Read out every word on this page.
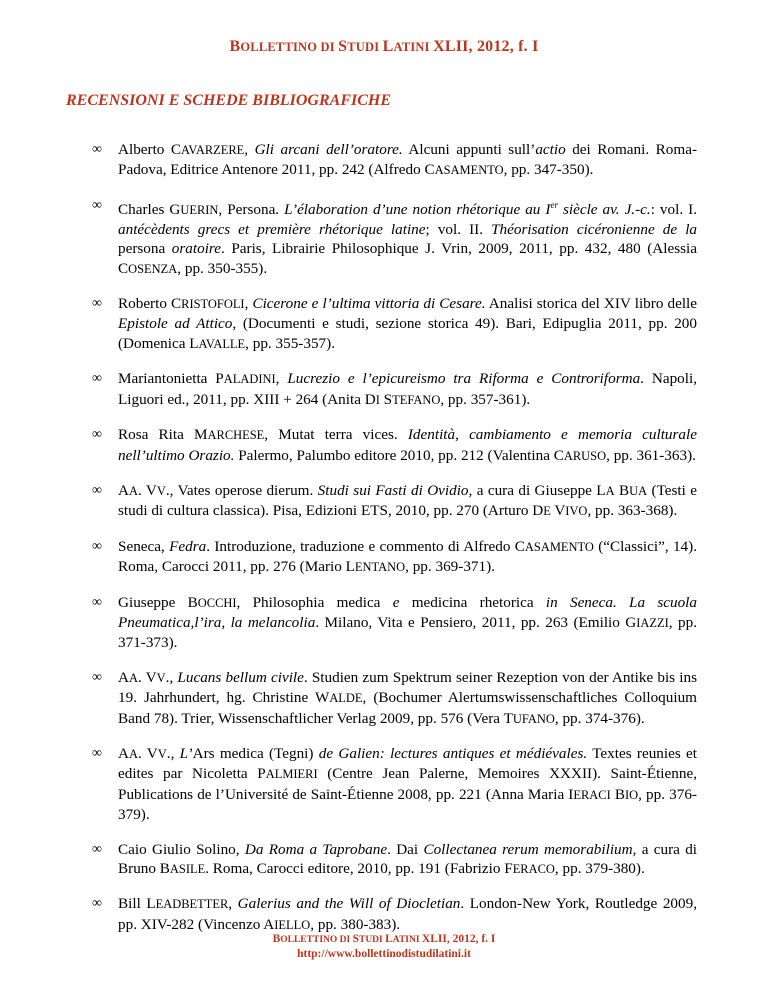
BOLLETTINO DI STUDI LATINI XLII, 2012, f. I
RECENSIONI E SCHEDE BIBLIOGRAFICHE
∞ Alberto CAVARZERE, Gli arcani dell’oratore. Alcuni appunti sull’actio dei Romani. Roma-Padova, Editrice Antenore 2011, pp. 242 (Alfredo CASAMENTO, pp. 347-350).
∞ Charles GUERIN, Persona. L’élaboration d’une notion rhétorique au Ier siècle av. J.-c.: vol. I. antécèdents grecs et première rhétorique latine; vol. II. Théorisation cicéronienne de la persona oratoire. Paris, Librairie Philosophique J. Vrin, 2009, 2011, pp. 432, 480 (Alessia COSENZA, pp. 350-355).
∞ Roberto CRISTOFOLI, Cicerone e l’ultima vittoria di Cesare. Analisi storica del XIV libro delle Epistole ad Attico, (Documenti e studi, sezione storica 49). Bari, Edipuglia 2011, pp. 200 (Domenica LAVALLE, pp. 355-357).
∞ Mariantonietta PALADINI, Lucrezio e l’epicureismo tra Riforma e Controriforma. Napoli, Liguori ed., 2011, pp. XIII + 264 (Anita DI STEFANO, pp. 357-361).
∞ Rosa Rita MARCHESE, Mutat terra vices. Identità, cambiamento e memoria culturale nell’ultimo Orazio. Palermo, Palumbo editore 2010, pp. 212 (Valentina CARUSO, pp. 361-363).
∞ AA. VV., Vates operose dierum. Studi sui Fasti di Ovidio, a cura di Giuseppe LA BUA (Testi e studi di cultura classica). Pisa, Edizioni ETS, 2010, pp. 270 (Arturo DE VIVO, pp. 363-368).
∞ Seneca, Fedra. Introduzione, traduzione e commento di Alfredo CASAMENTO (“Classici”, 14). Roma, Carocci 2011, pp. 276 (Mario LENTANO, pp. 369-371).
∞ Giuseppe BOCCHI, Philosophia medica e medicina rhetorica in Seneca. La scuola Pneumatica,l’ira, la melancolia. Milano, Vita e Pensiero, 2011, pp. 263 (Emilio GIAZZI, pp. 371-373).
∞ AA. VV., Lucans bellum civile. Studien zum Spektrum seiner Rezeption von der Antike bis ins 19. Jahrhundert, hg. Christine WALDE, (Bochumer Alertumswissenschaftliches Colloquium Band 78). Trier, Wissenschaftlicher Verlag 2009, pp. 576 (Vera TUFANO, pp. 374-376).
∞ AA. VV., L’Ars medica (Tegni) de Galien: lectures antiques et médiévales. Textes reunies et edites par Nicoletta PALMIERI (Centre Jean Palerne, Memoires XXXII). Saint-Étienne, Publications de l’Université de Saint-Étienne 2008, pp. 221 (Anna Maria IERACI BIO, pp. 376-379).
∞ Caio Giulio Solino, Da Roma a Taprobane. Dai Collectanea rerum memorabilium, a cura di Bruno BASILE. Roma, Carocci editore, 2010, pp. 191 (Fabrizio FERACO, pp. 379-380).
∞ Bill LEADBETTER, Galerius and the Will of Diocletian. London-New York, Routledge 2009, pp. XIV-282 (Vincenzo AIELLO, pp. 380-383).
BOLLETTINO DI STUDI LATINI XLII, 2012, f. I
http://www.bollettinodistudilatini.it
